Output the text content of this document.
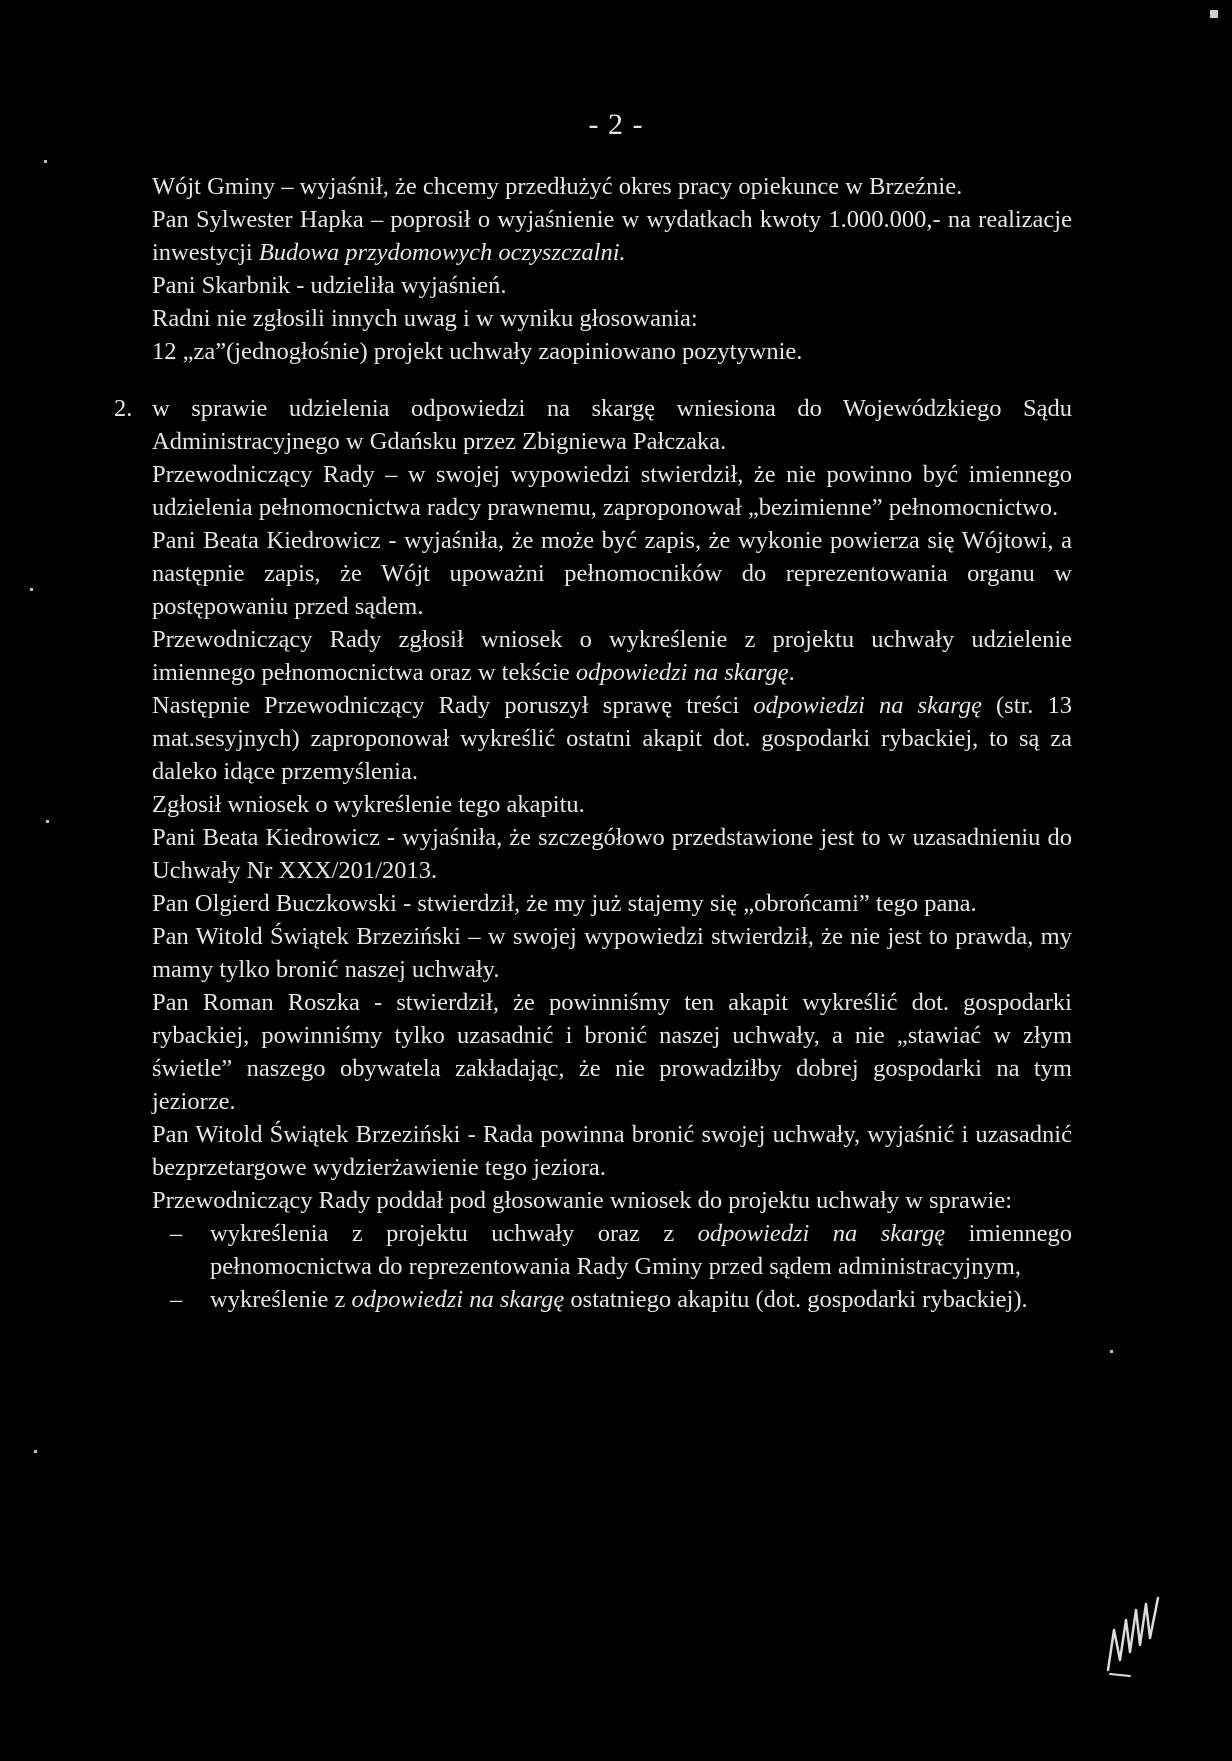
- 2 -

Wójt Gminy – wyjaśnił, że chcemy przedłużyć okres pracy opiekunce w Brzeźnie.

Pan Sylwester Hapka – poprosił o wyjaśnienie w wydatkach kwoty 1.000.000,- na realizacje inwestycji Budowa przydomowych oczyszczalni.

Pani Skarbnik - udzieliła wyjaśnień.

Radni nie zgłosili innych uwag i w wyniku głosowania:

12 „za”(jednogłośnie) projekt uchwały zaopiniowano pozytywnie.

2. w sprawie udzielenia odpowiedzi na skargę wniesiona do Wojewódzkiego Sądu Administracyjnego w Gdańsku przez Zbigniewa Pałczaka.

Przewodniczący Rady – w swojej wypowiedzi stwierdził, że nie powinno być imiennego udzielenia pełnomocnictwa radcy prawnemu, zaproponował „bezimienne” pełnomocnictwo.

Pani Beata Kiedrowicz - wyjaśniła, że może być zapis, że wykonie powierza się Wójtowi, a następnie zapis, że Wójt upoważni pełnomocników do reprezentowania organu w postępowaniu przed sądem.

Przewodniczący Rady zgłosił wniosek o wykreślenie z projektu uchwały udzielenie imiennego pełnomocnictwa oraz w tekście odpowiedzi na skargę.

Następnie Przewodniczący Rady poruszył sprawę treści odpowiedzi na skargę (str. 13 mat.sesyjnych) zaproponował wykreślić ostatni akapit dot. gospodarki rybackiej, to są za daleko idące przemyślenia.

Zgłosił wniosek o wykreślenie tego akapitu.

Pani Beata Kiedrowicz - wyjaśniła, że szczegółowo przedstawione jest to w uzasadnieniu do Uchwały Nr XXX/201/2013.

Pan Olgierd Buczkowski - stwierdził, że my już stajemy się „obrońcami” tego pana.

Pan Witold Świątek Brzeziński – w swojej wypowiedzi stwierdził, że nie jest to prawda, my mamy tylko bronić naszej uchwały.

Pan Roman Roszka - stwierdził, że powinniśmy ten akapit wykreślić dot. gospodarki rybackiej, powinniśmy tylko uzasadnić i bronić naszej uchwały, a nie „stawiać w złym świetle” naszego obywatela zakładając, że nie prowadziłby dobrej gospodarki na tym jeziorze.

Pan Witold Świątek Brzeziński - Rada powinna bronić swojej uchwały, wyjaśnić i uzasadnić bezprzetargowe wydzierżawienie tego jeziora.

Przewodniczący Rady poddał pod głosowanie wniosek do projektu uchwały w sprawie:

– wykreślenia z projektu uchwały oraz z odpowiedzi na skargę imiennego pełnomocnictwa do reprezentowania Rady Gminy przed sądem administracyjnym,
– wykreślenie z odpowiedzi na skargę ostatniego akapitu (dot. gospodarki rybackiej).
